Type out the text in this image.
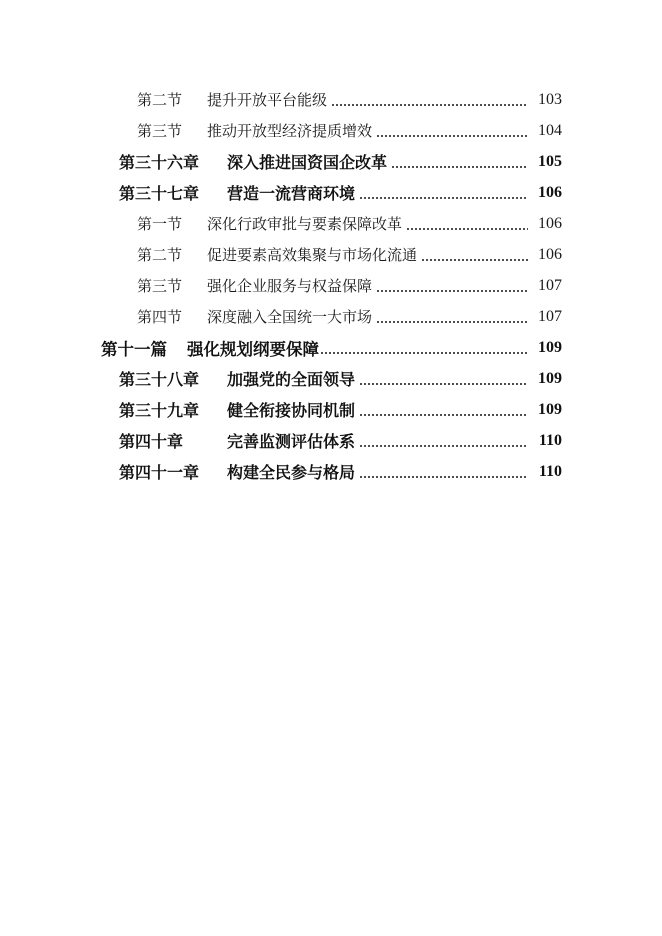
第二节	提升开放平台能级	103
第三节	推动开放型经济提质增效	104
第三十六章	深入推进国资国企改革	105
第三十七章	营造一流营商环境	106
第一节	深化行政审批与要素保障改革	106
第二节	促进要素高效集聚与市场化流通	106
第三节	强化企业服务与权益保障	107
第四节	深度融入全国统一大市场	107
第十一篇	强化规划纲要保障	109
第三十八章	加强党的全面领导	109
第三十九章	健全衔接协同机制	109
第四十章	完善监测评估体系	110
第四十一章	构建全民参与格局	110
